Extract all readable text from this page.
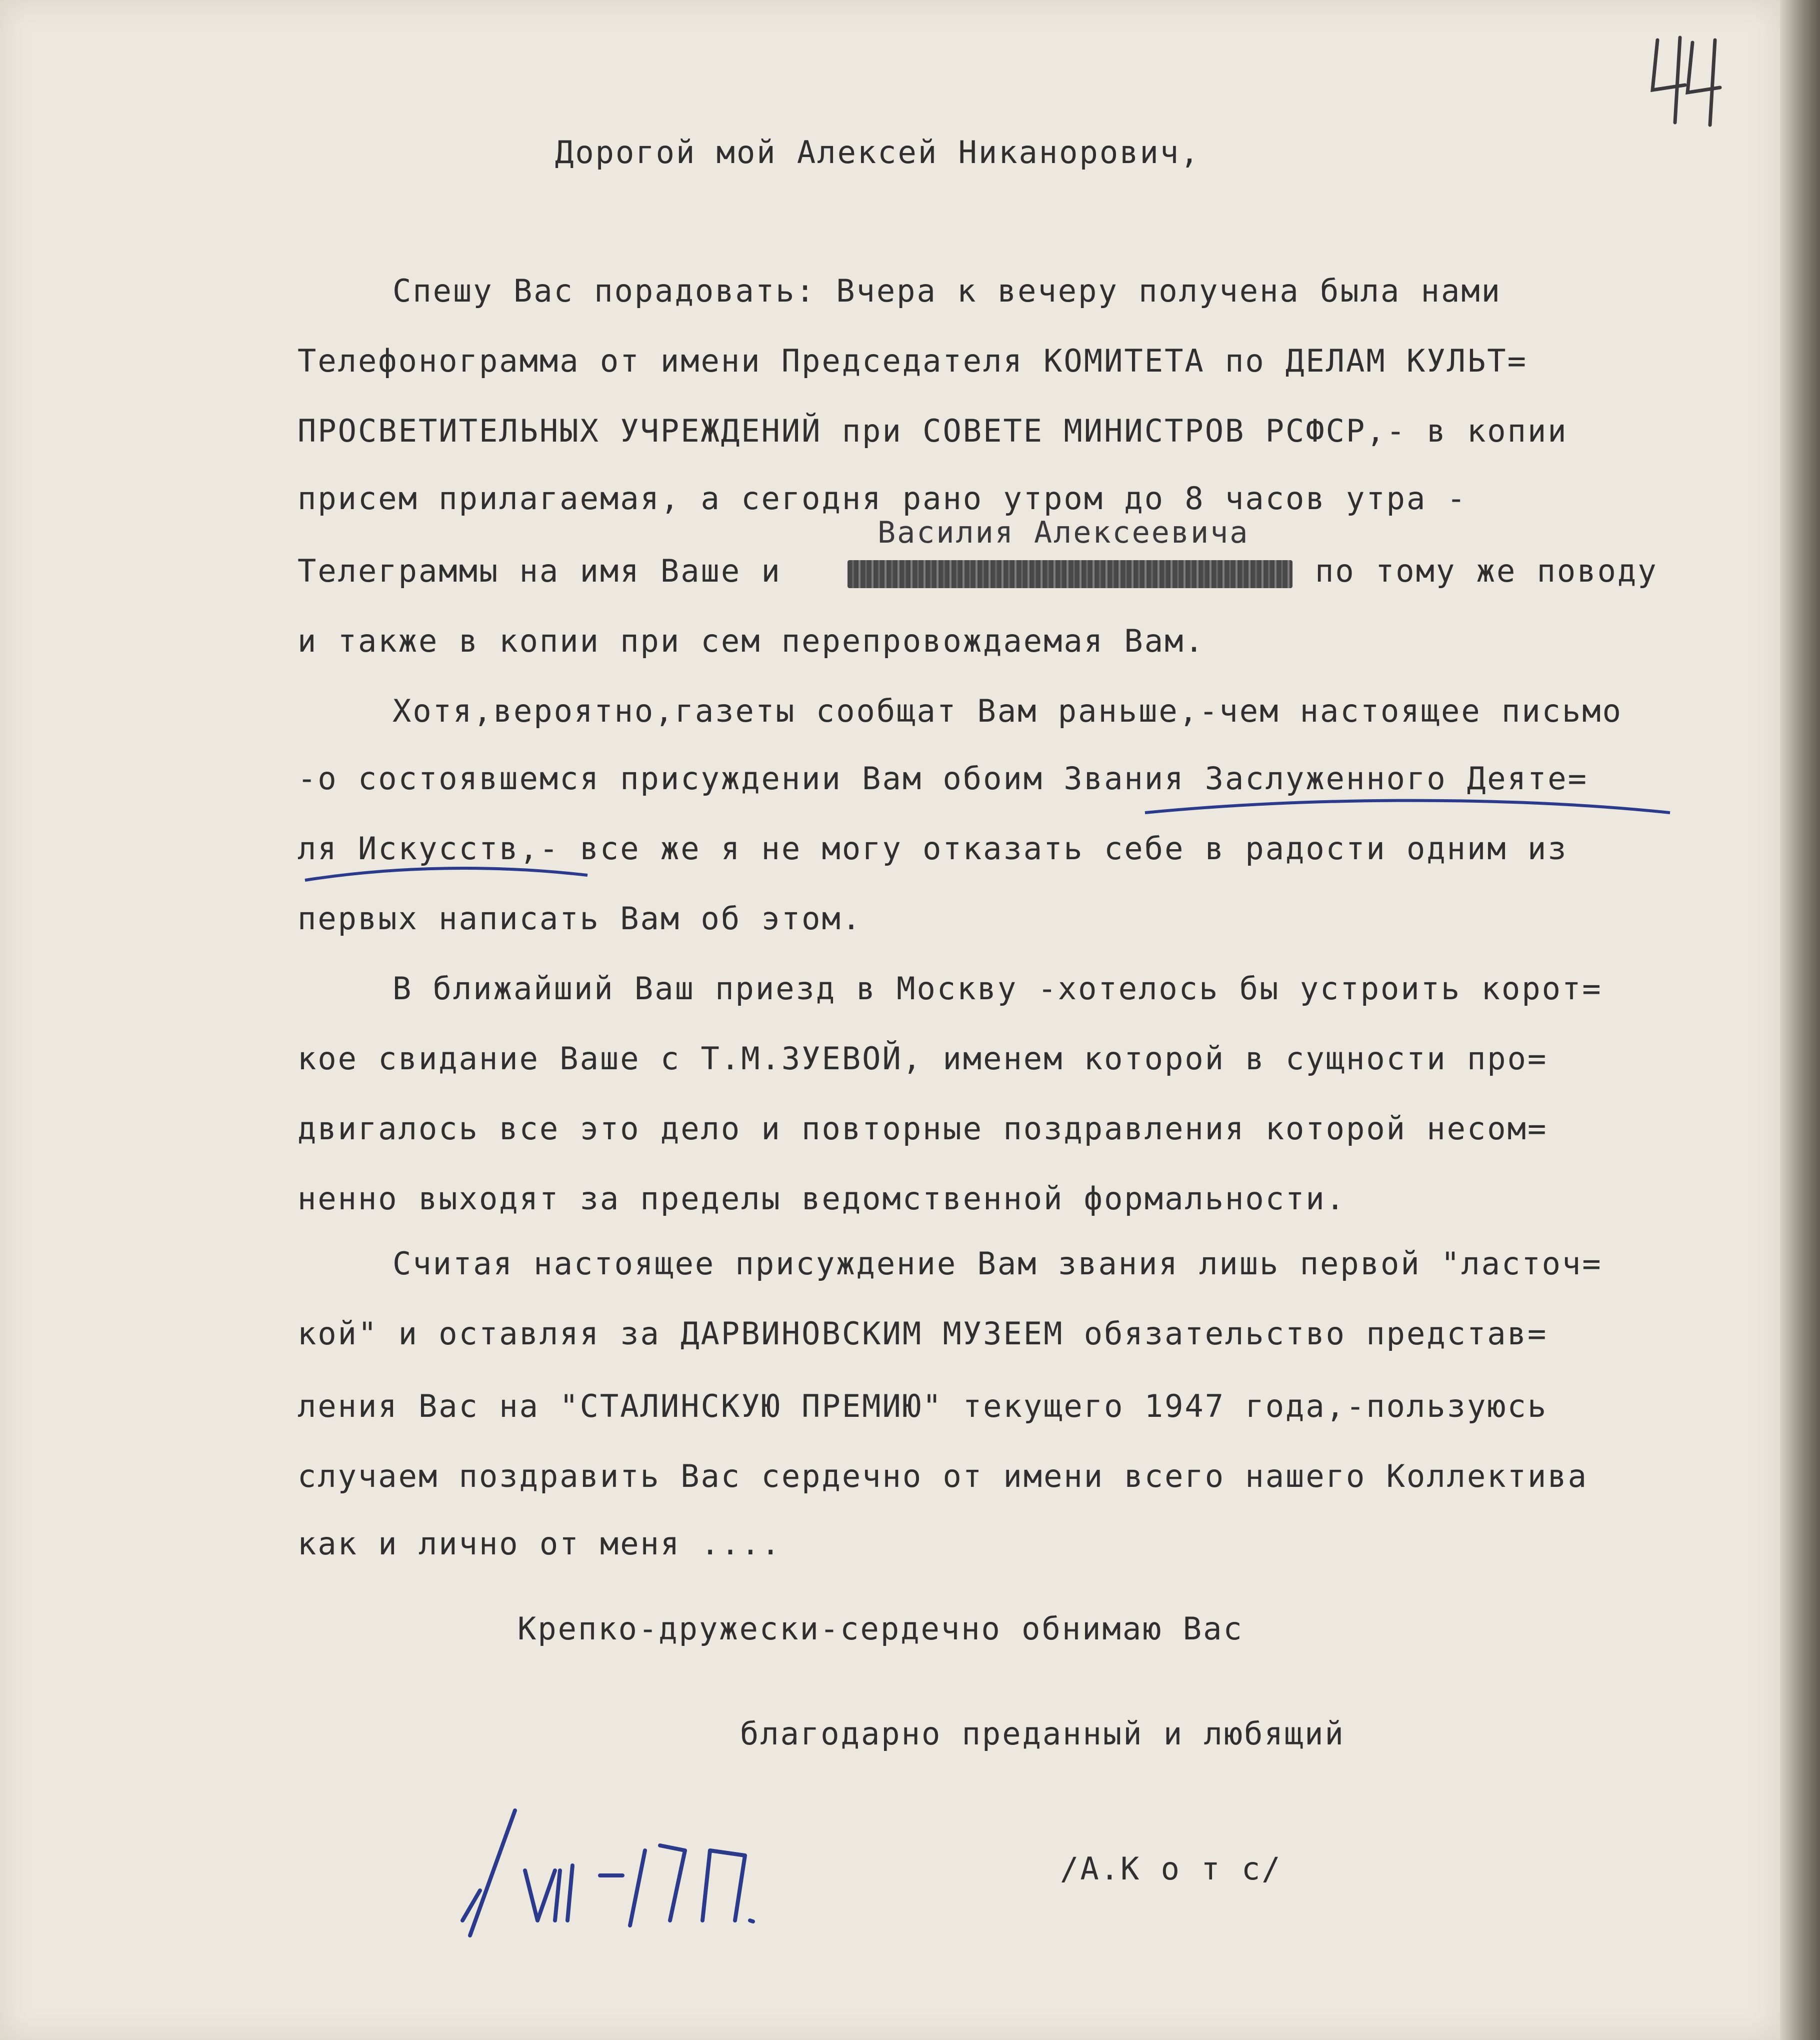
Дорогой мой Алексей Никанорович,

Спешу Вас порадовать: Вчера к вечеру получена была нами

Телефонограмма от имени Председателя КОМИТЕТА по ДЕЛАМ КУЛЬТ=

ПРОСВЕТИТЕЛЬНЫХ УЧРЕЖДЕНИЙ при СОВЕТЕ МИНИСТРОВ РСФСР,- в копии

присем прилагаемая, а сегодня рано утром до 8 часов утра -

Василия Алексеевича

Телеграммы на имя Ваше и	по тому же поводу

и также в копии при сем перепровождаемая Вам.

Хотя,вероятно,газеты сообщат Вам раньше,-чем настоящее письмо

-о состоявшемся присуждении Вам обоим Звания Заслуженного Деяте=

ля Искусств,- все же я не могу отказать себе в радости одним из

первых написать Вам об этом.

В ближайший Ваш приезд в Москву -хотелось бы устроить корот=

кое свидание Ваше с Т.М.ЗУЕВОЙ, именем которой в сущности про=

двигалось все это дело и повторные поздравления которой несом=

ненно выходят за пределы ведомственной формальности.

Считая настоящее присуждение Вам звания лишь первой "ласточ=

кой" и оставляя за ДАРВИНОВСКИМ МУЗЕЕМ обязательство представ=

ления Вас на "СТАЛИНСКУЮ ПРЕМИЮ" текущего 1947 года,-пользуюсь

случаем поздравить Вас сердечно от имени всего нашего Коллектива

как и лично от меня ....

Крепко-дружески-сердечно обнимаю Вас

благодарно преданный и любящий

/А.К о т с/
